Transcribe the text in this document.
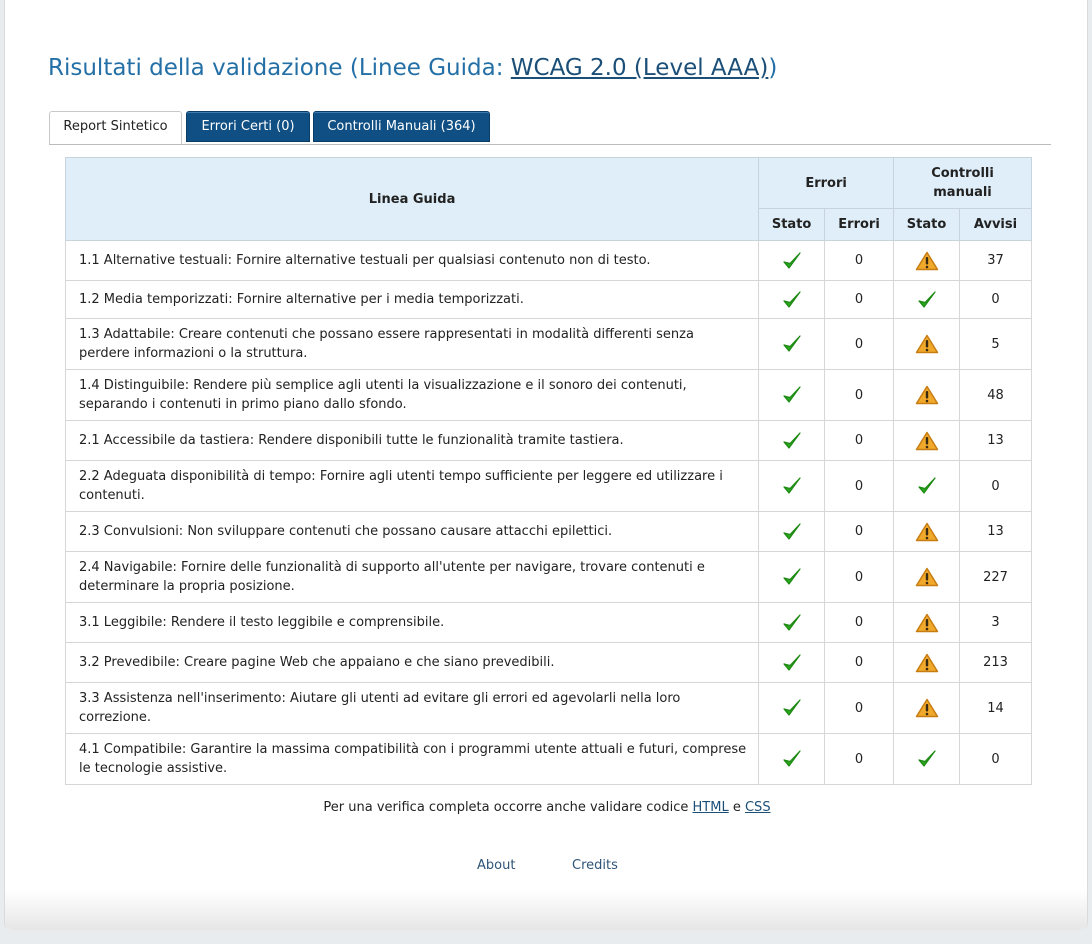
Risultati della validazione (Linee Guida: WCAG 2.0 (Level AAA))
Report Sintetico	Errori Certi (0)	Controlli Manuali (364)
Linea Guida	Errori		Controlli manuali	
	Stato	Errori	Stato	Avvisi
1.1 Alternative testuali: Fornire alternative testuali per qualsiasi contenuto non di testo.		0		37
1.2 Media temporizzati: Fornire alternative per i media temporizzati.		0		0
1.3 Adattabile: Creare contenuti che possano essere rappresentati in modalità differenti senza perdere informazioni o la struttura.		0		5
1.4 Distinguibile: Rendere più semplice agli utenti la visualizzazione e il sonoro dei contenuti, separando i contenuti in primo piano dallo sfondo.		0		48
2.1 Accessibile da tastiera: Rendere disponibili tutte le funzionalità tramite tastiera.		0		13
2.2 Adeguata disponibilità di tempo: Fornire agli utenti tempo sufficiente per leggere ed utilizzare i contenuti.		0		0
2.3 Convulsioni: Non sviluppare contenuti che possano causare attacchi epilettici.		0		13
2.4 Navigabile: Fornire delle funzionalità di supporto all'utente per navigare, trovare contenuti e determinare la propria posizione.		0		227
3.1 Leggibile: Rendere il testo leggibile e comprensibile.		0		3
3.2 Prevedibile: Creare pagine Web che appaiano e che siano prevedibili.		0		213
3.3 Assistenza nell'inserimento: Aiutare gli utenti ad evitare gli errori ed agevolarli nella loro correzione.		0		14
4.1 Compatibile: Garantire la massima compatibilità con i programmi utente attuali e futuri, comprese le tecnologie assistive.		0		0
Per una verifica completa occorre anche validare codice HTML e CSS
About	Credits
